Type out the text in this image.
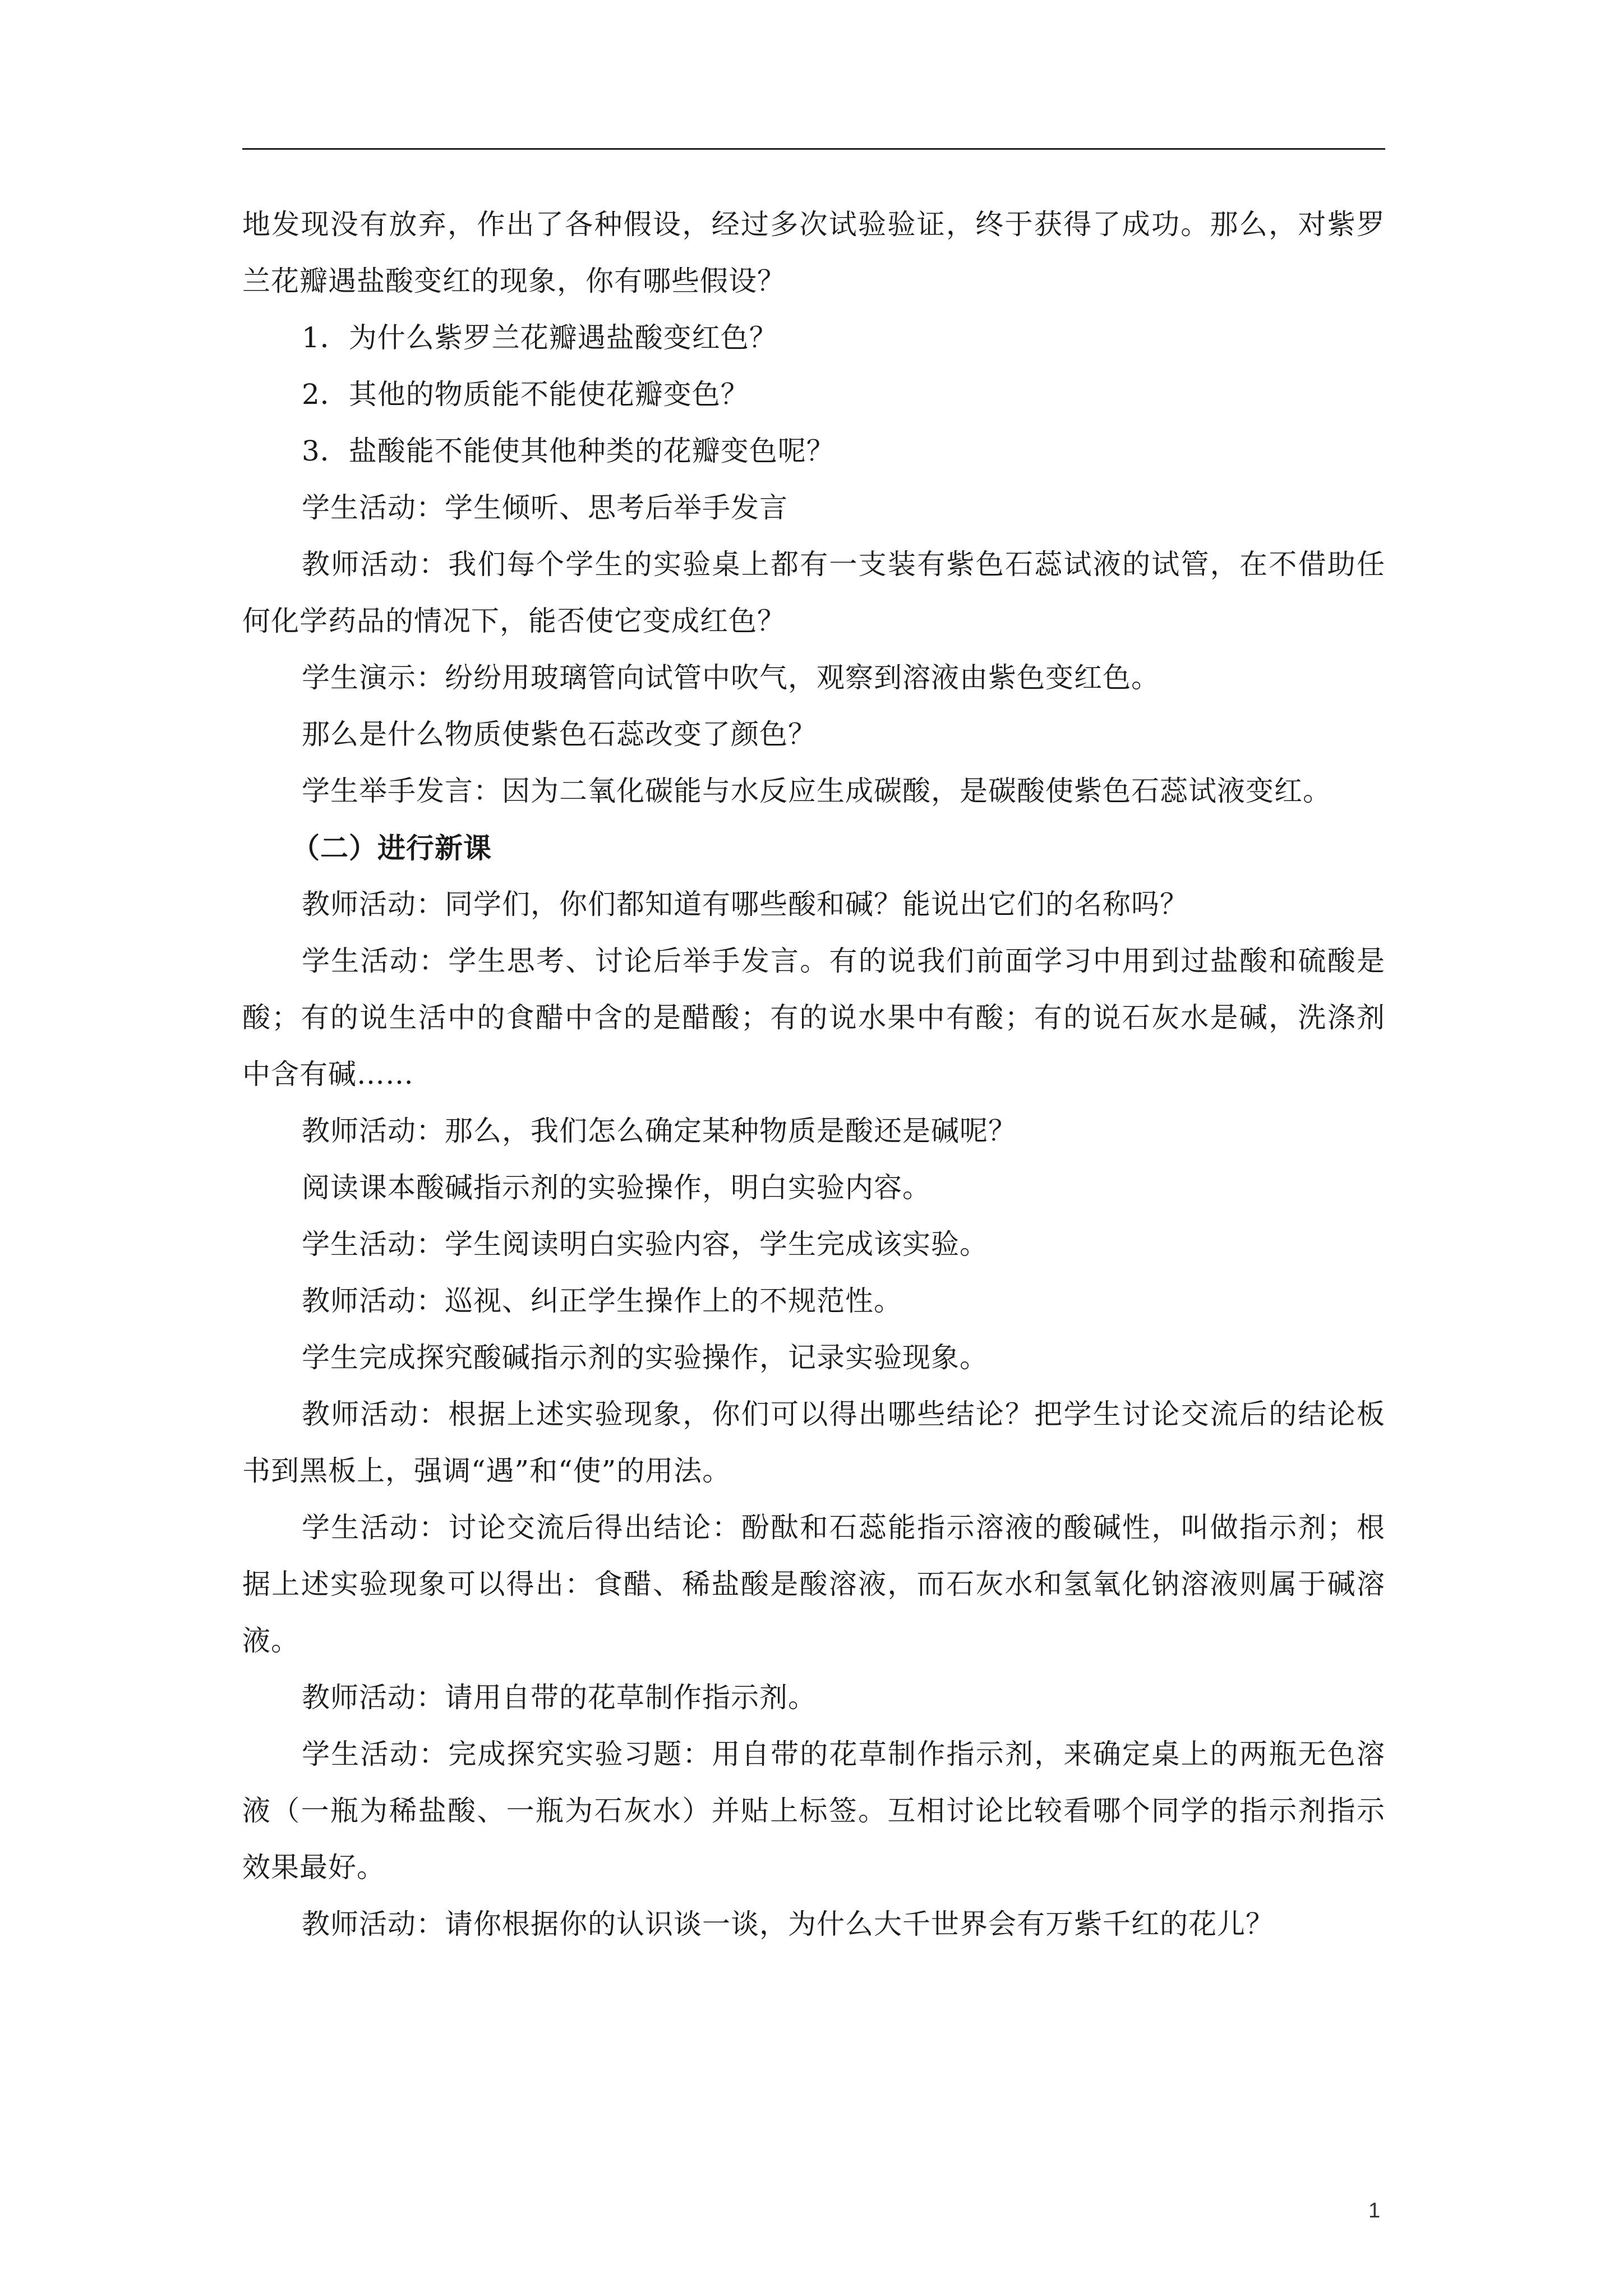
地发现没有放弃，作出了各种假设，经过多次试验验证，终于获得了成功。那么，对紫罗兰花瓣遇盐酸变红的现象，你有哪些假设？

1．为什么紫罗兰花瓣遇盐酸变红色？

2．其他的物质能不能使花瓣变色？

3．盐酸能不能使其他种类的花瓣变色呢？

学生活动：学生倾听、思考后举手发言

教师活动：我们每个学生的实验桌上都有一支装有紫色石蕊试液的试管，在不借助任何化学药品的情况下，能否使它变成红色？

学生演示：纷纷用玻璃管向试管中吹气，观察到溶液由紫色变红色。

那么是什么物质使紫色石蕊改变了颜色？

学生举手发言：因为二氧化碳能与水反应生成碳酸，是碳酸使紫色石蕊试液变红。

（二）进行新课

教师活动：同学们，你们都知道有哪些酸和碱？能说出它们的名称吗？

学生活动：学生思考、讨论后举手发言。有的说我们前面学习中用到过盐酸和硫酸是酸；有的说生活中的食醋中含的是醋酸；有的说水果中有酸；有的说石灰水是碱，洗涤剂中含有碱……

教师活动：那么，我们怎么确定某种物质是酸还是碱呢？

阅读课本酸碱指示剂的实验操作，明白实验内容。

学生活动：学生阅读明白实验内容，学生完成该实验。

教师活动：巡视、纠正学生操作上的不规范性。

学生完成探究酸碱指示剂的实验操作，记录实验现象。

教师活动：根据上述实验现象，你们可以得出哪些结论？把学生讨论交流后的结论板书到黑板上，强调“遇”和“使”的用法。

学生活动：讨论交流后得出结论：酚酞和石蕊能指示溶液的酸碱性，叫做指示剂；根据上述实验现象可以得出：食醋、稀盐酸是酸溶液，而石灰水和氢氧化钠溶液则属于碱溶液。

教师活动：请用自带的花草制作指示剂。

学生活动：完成探究实验习题：用自带的花草制作指示剂，来确定桌上的两瓶无色溶液（一瓶为稀盐酸、一瓶为石灰水）并贴上标签。互相讨论比较看哪个同学的指示剂指示效果最好。

教师活动：请你根据你的认识谈一谈，为什么大千世界会有万紫千红的花儿？

1
